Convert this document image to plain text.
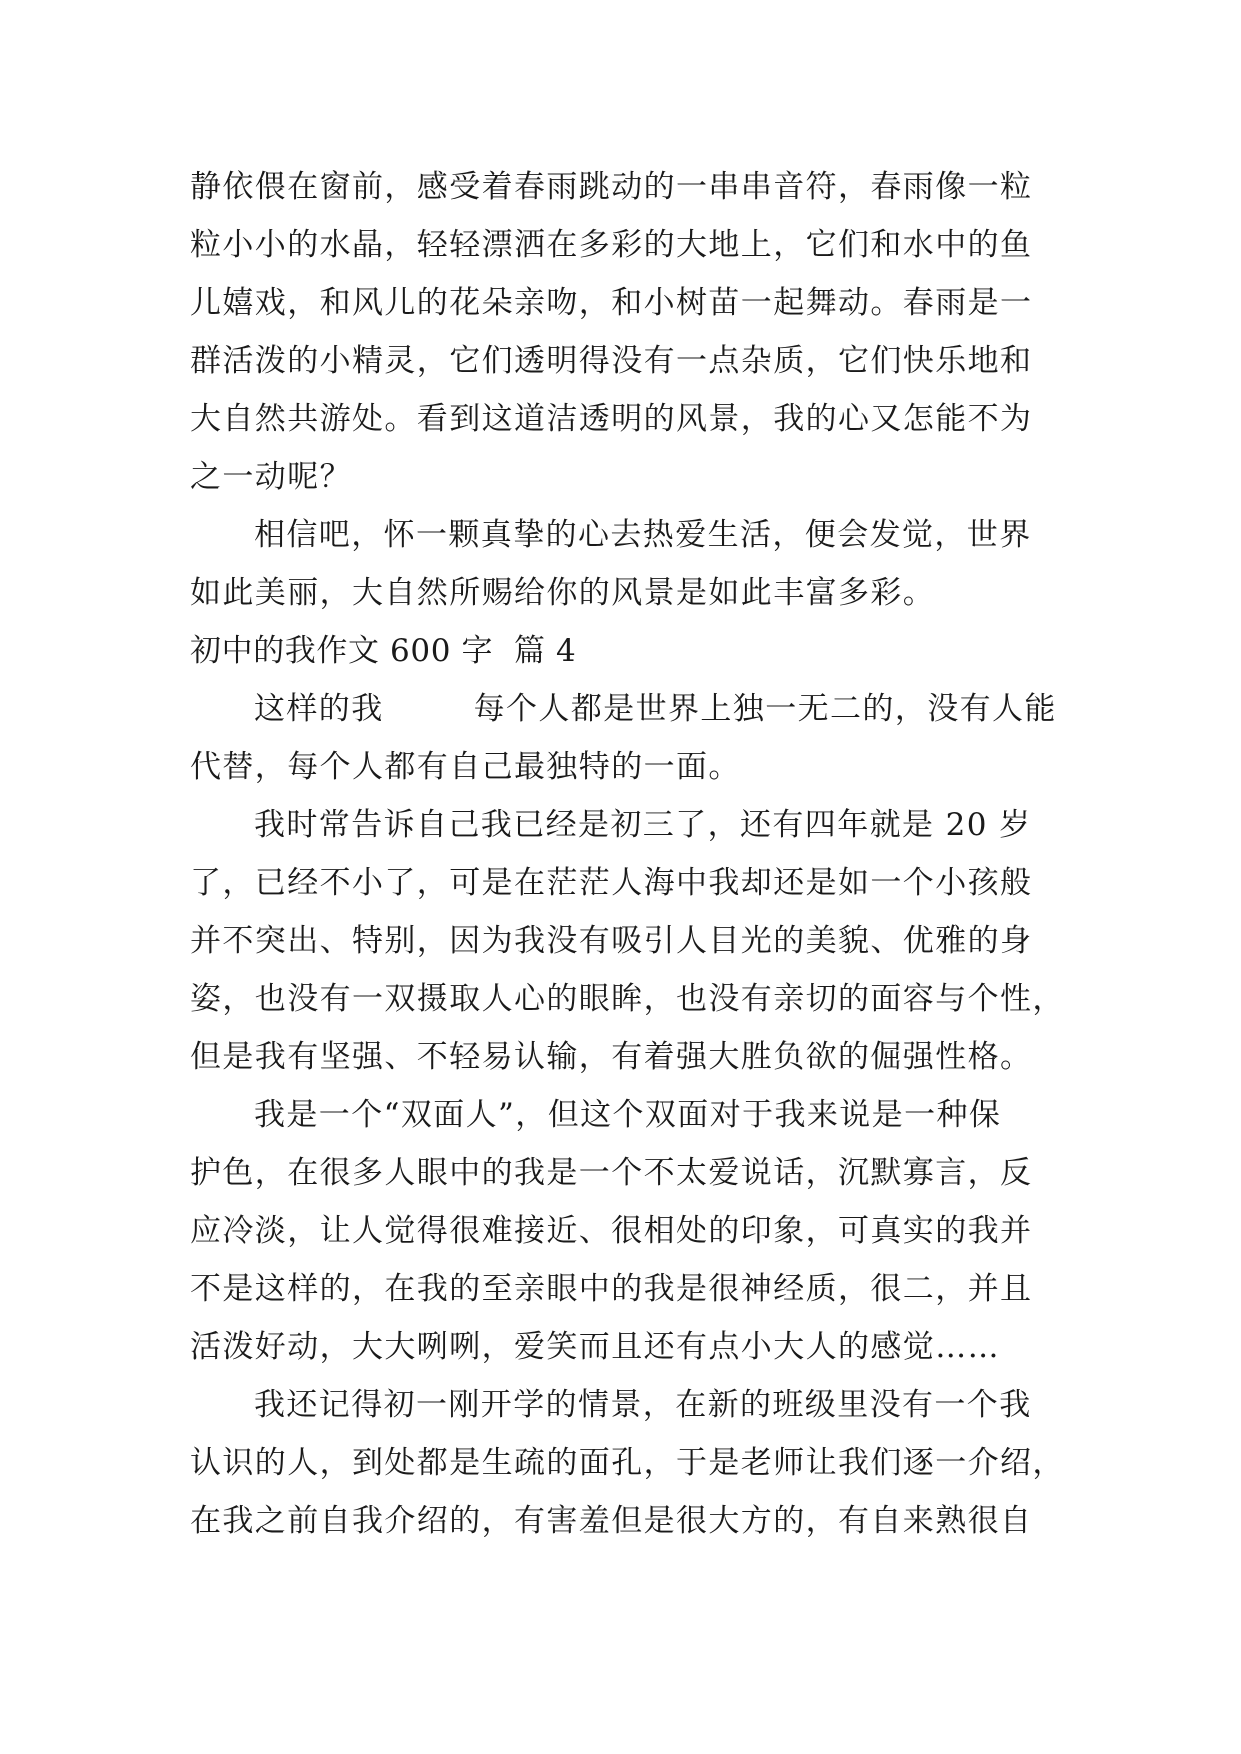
静依偎在窗前，感受着春雨跳动的一串串音符，春雨像一粒
粒小小的水晶，轻轻漂洒在多彩的大地上，它们和水中的鱼
儿嬉戏，和风儿的花朵亲吻，和小树苗一起舞动。春雨是一
群活泼的小精灵，它们透明得没有一点杂质，它们快乐地和
大自然共游处。看到这道洁透明的风景，我的心又怎能不为
之一动呢？
相信吧，怀一颗真挚的心去热爱生活，便会发觉，世界
如此美丽，大自然所赐给你的风景是如此丰富多彩。
初中的我作文 600 字  篇 4
这样的我        每个人都是世界上独一无二的，没有人能
代替，每个人都有自己最独特的一面。
我时常告诉自己我已经是初三了，还有四年就是 20 岁
了，已经不小了，可是在茫茫人海中我却还是如一个小孩般
并不突出、特别，因为我没有吸引人目光的美貌、优雅的身
姿，也没有一双摄取人心的眼眸，也没有亲切的面容与个性，
但是我有坚强、不轻易认输，有着强大胜负欲的倔强性格。
我是一个“双面人”，但这个双面对于我来说是一种保
护色，在很多人眼中的我是一个不太爱说话，沉默寡言，反
应冷淡，让人觉得很难接近、很相处的印象，可真实的我并
不是这样的，在我的至亲眼中的我是很神经质，很二，并且
活泼好动，大大咧咧，爱笑而且还有点小大人的感觉……
我还记得初一刚开学的情景，在新的班级里没有一个我
认识的人，到处都是生疏的面孔，于是老师让我们逐一介绍，
在我之前自我介绍的，有害羞但是很大方的，有自来熟很自
